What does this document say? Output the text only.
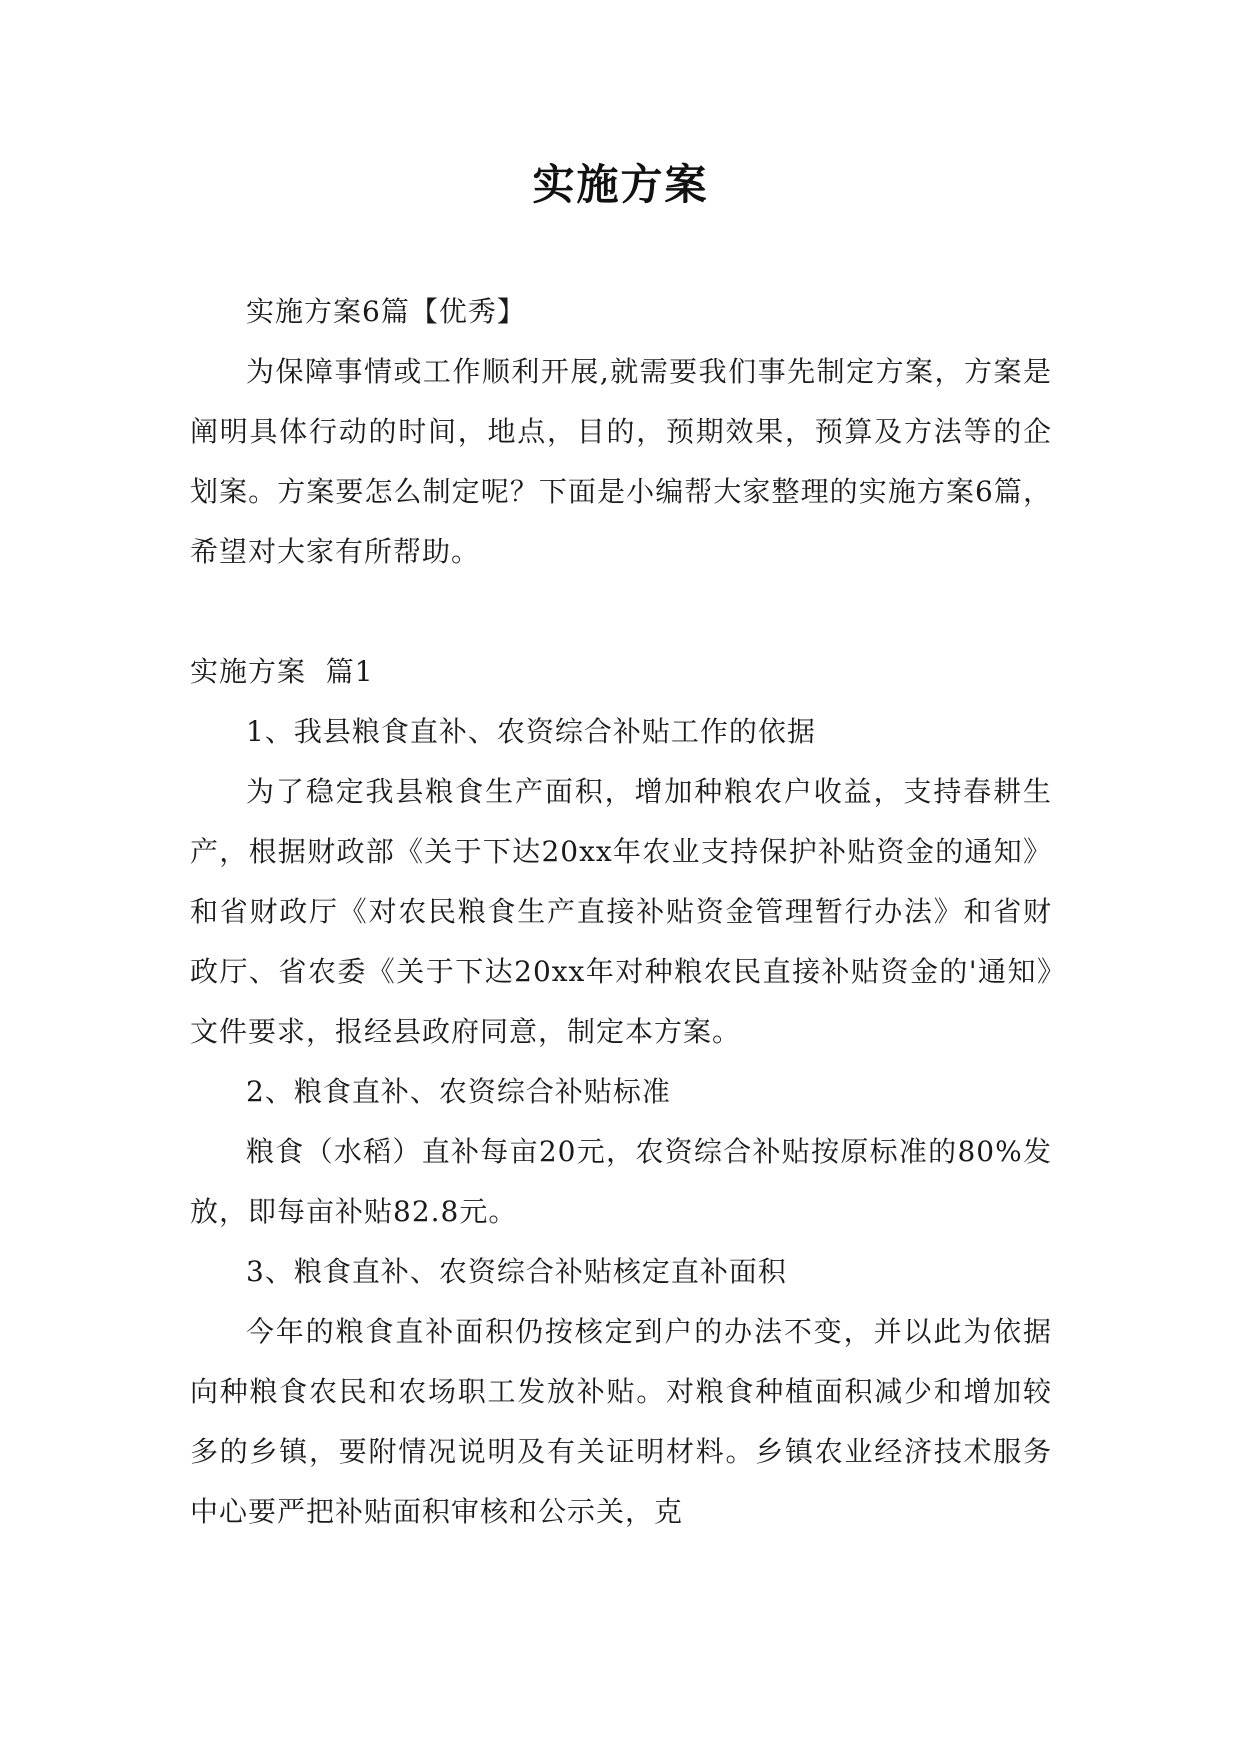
实施方案

实施方案6篇【优秀】

为保障事情或工作顺利开展,就需要我们事先制定方案，方案是阐明具体行动的时间，地点，目的，预期效果，预算及方法等的企划案。方案要怎么制定呢？下面是小编帮大家整理的实施方案6篇，希望对大家有所帮助。

实施方案  篇1

1、我县粮食直补、农资综合补贴工作的依据

为了稳定我县粮食生产面积，增加种粮农户收益，支持春耕生产，根据财政部《关于下达20xx年农业支持保护补贴资金的通知》和省财政厅《对农民粮食生产直接补贴资金管理暂行办法》和省财政厅、省农委《关于下达20xx年对种粮农民直接补贴资金的'通知》文件要求，报经县政府同意，制定本方案。

2、粮食直补、农资综合补贴标准

粮食（水稻）直补每亩20元，农资综合补贴按原标准的80%发放，即每亩补贴82.8元。

3、粮食直补、农资综合补贴核定直补面积

今年的粮食直补面积仍按核定到户的办法不变，并以此为依据向种粮食农民和农场职工发放补贴。对粮食种植面积减少和增加较多的乡镇，要附情况说明及有关证明材料。乡镇农业经济技术服务中心要严把补贴面积审核和公示关，克
